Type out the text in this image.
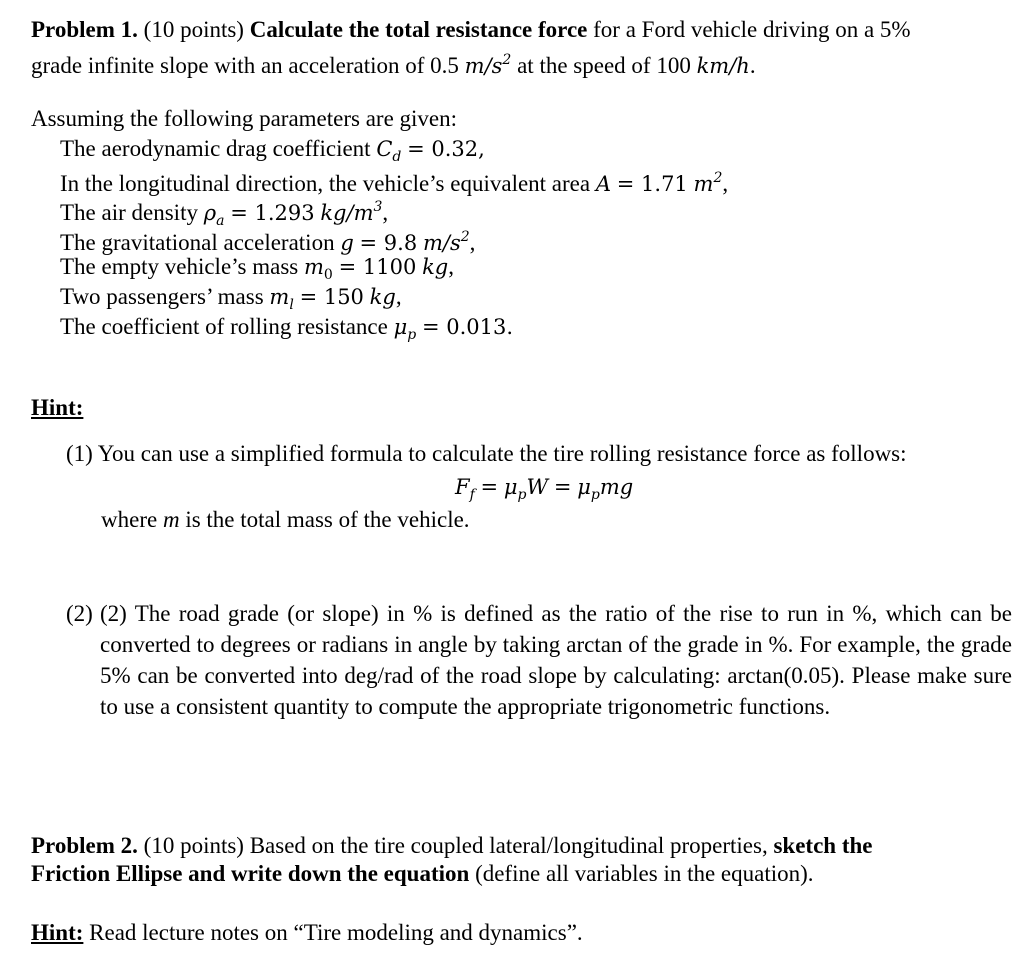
Problem 1. (10 points) Calculate the total resistance force for a Ford vehicle driving on a 5%
grade infinite slope with an acceleration of 0.5 $m/s^2$ at the speed of 100 km/h.
Assuming the following parameters are given:
The aerodynamic drag coefficient $C_d = 0.32$,
In the longitudinal direction, the vehicle’s equivalent area A = 1.71 $m^2$,
The air density $\rho_a = 1.293$ $kg/m^3$,
The gravitational acceleration g = 9.8 $m/s^2$,
The empty vehicle’s mass $m_0 = 1100$ kg,
Two passengers’ mass $m_l = 150$ kg,
The coefficient of rolling resistance $\mu_p = 0.013$.
Hint:
(1) You can use a simplified formula to calculate the tire rolling resistance force as follows:
$F_f = \mu_pW = \mu_pmg$
where m is the total mass of the vehicle.
(2) (2) The road grade (or slope) in % is defined as the ratio of the rise to run in %, which can be converted to degrees or radians in angle by taking arctan of the grade in %. For example, the grade 5% can be converted into deg/rad of the road slope by calculating: arctan(0.05). Please make sure to use a consistent quantity to compute the appropriate trigonometric functions.
Problem 2. (10 points) Based on the tire coupled lateral/longitudinal properties, sketch the
Friction Ellipse and write down the equation (define all variables in the equation).
Hint: Read lecture notes on “Tire modeling and dynamics”.
